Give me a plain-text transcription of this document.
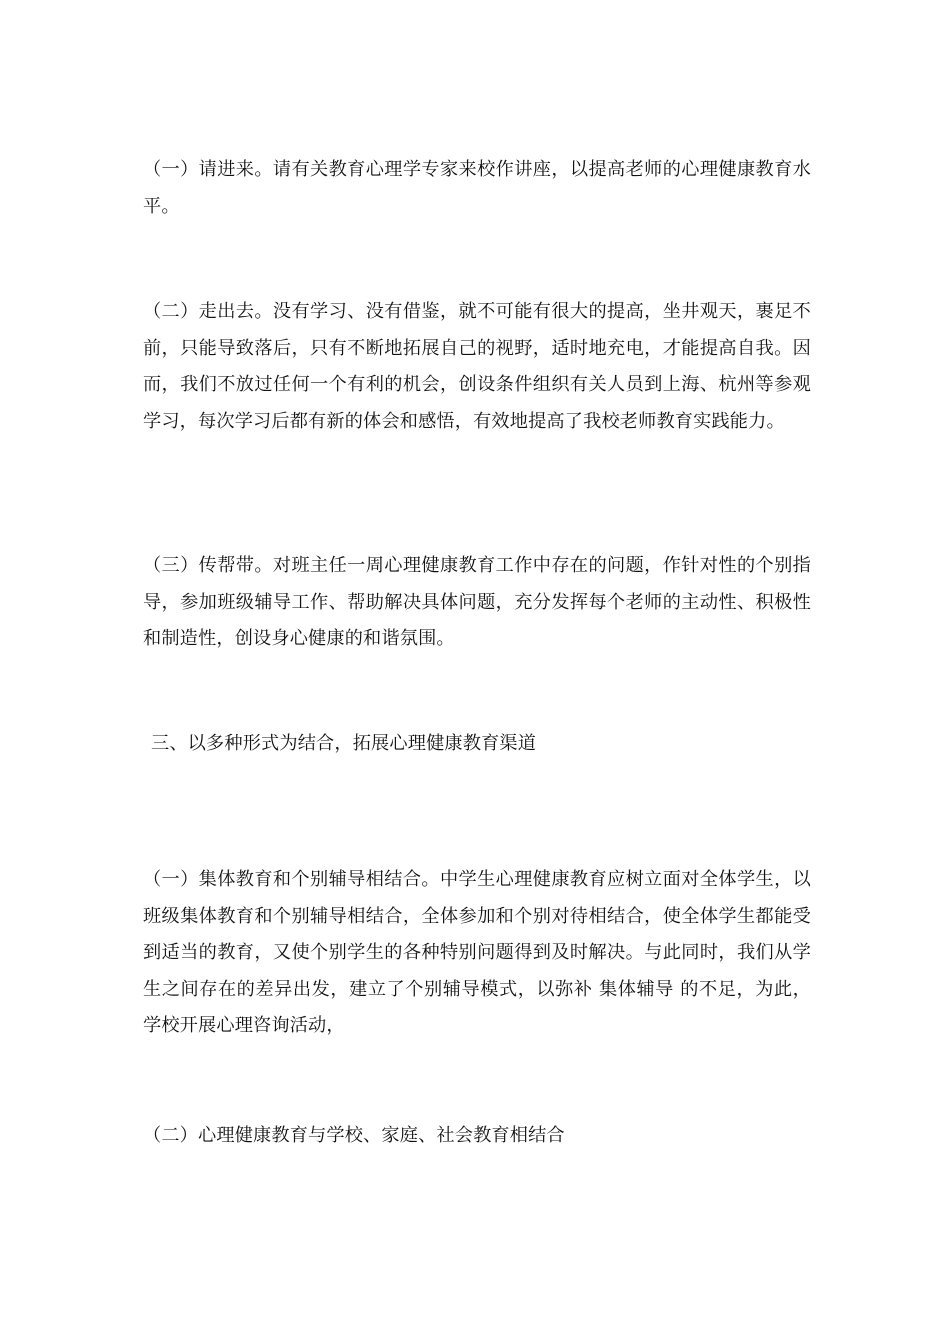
（一）请进来。请有关教育心理学专家来校作讲座，以提高老师的心理健康教育水平。

（二）走出去。没有学习、没有借鉴，就不可能有很大的提高，坐井观天，裹足不前，只能导致落后，只有不断地拓展自己的视野，适时地充电，才能提高自我。因而，我们不放过任何一个有利的机会，创设条件组织有关人员到上海、杭州等参观学习，每次学习后都有新的体会和感悟，有效地提高了我校老师教育实践能力。

（三）传帮带。对班主任一周心理健康教育工作中存在的问题，作针对性的个别指导，参加班级辅导工作、帮助解决具体问题，充分发挥每个老师的主动性、积极性和制造性，创设身心健康的和谐氛围。

三、以多种形式为结合，拓展心理健康教育渠道

（一）集体教育和个别辅导相结合。中学生心理健康教育应树立面对全体学生，以班级集体教育和个别辅导相结合，全体参加和个别对待相结合，使全体学生都能受到适当的教育，又使个别学生的各种特别问题得到及时解决。与此同时，我们从学生之间存在的差异出发，建立了个别辅导模式，以弥补 集体辅导 的不足，为此，学校开展心理咨询活动，

（二）心理健康教育与学校、家庭、社会教育相结合
